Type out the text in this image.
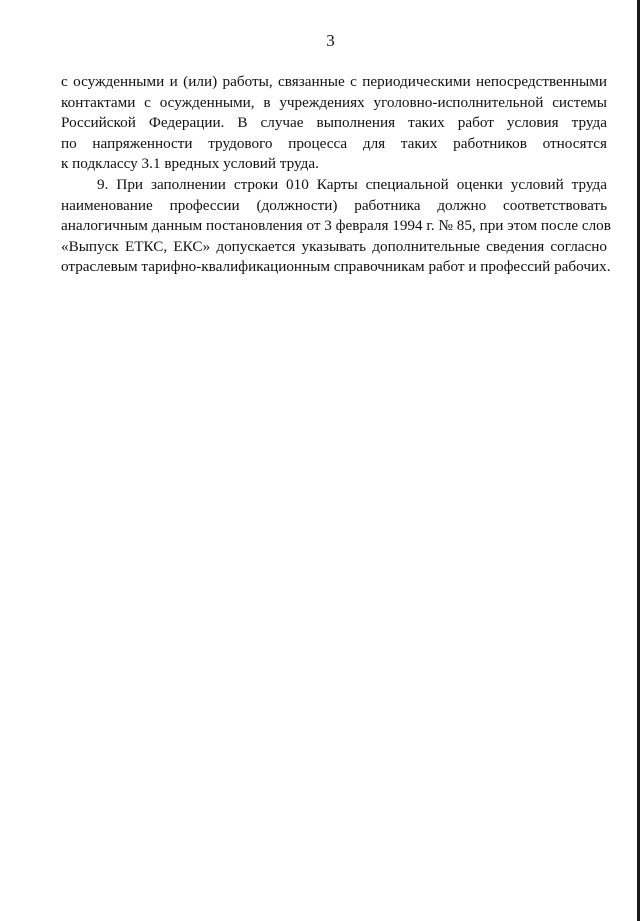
3
с осужденными и (или) работы, связанные с периодическими непосредственными
контактами с осужденными, в учреждениях уголовно-исполнительной системы
Российской Федерации. В случае выполнения таких работ условия труда
по напряженности трудового процесса для таких работников относятся
к подклассу 3.1 вредных условий труда.
9. При заполнении строки 010 Карты специальной оценки условий труда
наименование профессии (должности) работника должно соответствовать
аналогичным данным постановления от 3 февраля 1994 г. № 85, при этом после слов
«Выпуск ЕТКС, ЕКС» допускается указывать дополнительные сведения согласно
отраслевым тарифно-квалификационным справочникам работ и профессий рабочих.
